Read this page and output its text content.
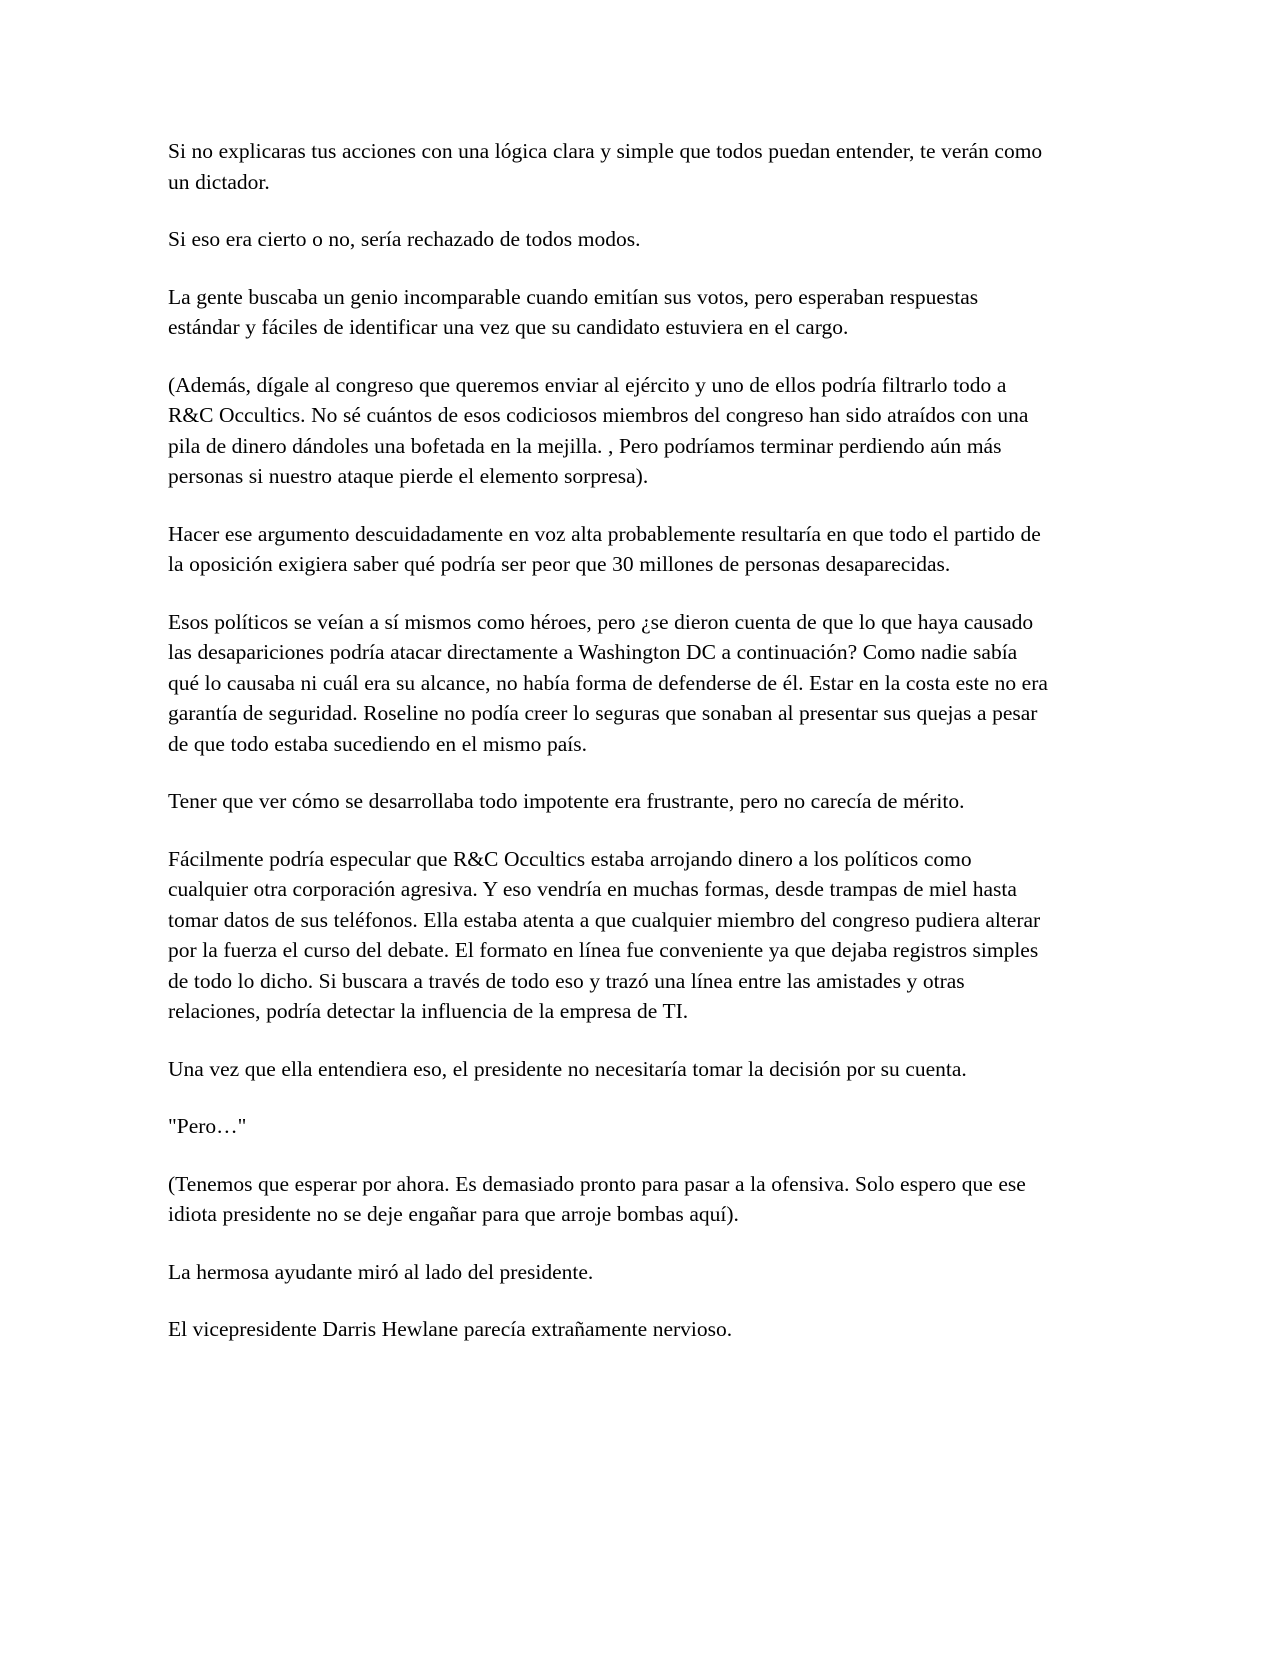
Si no explicaras tus acciones con una lógica clara y simple que todos puedan entender, te verán como un dictador.

Si eso era cierto o no, sería rechazado de todos modos.

La gente buscaba un genio incomparable cuando emitían sus votos, pero esperaban respuestas estándar y fáciles de identificar una vez que su candidato estuviera en el cargo.

(Además, dígale al congreso que queremos enviar al ejército y uno de ellos podría filtrarlo todo a R&C Occultics. No sé cuántos de esos codiciosos miembros del congreso han sido atraídos con una pila de dinero dándoles una bofetada en la mejilla. , Pero podríamos terminar perdiendo aún más personas si nuestro ataque pierde el elemento sorpresa).

Hacer ese argumento descuidadamente en voz alta probablemente resultaría en que todo el partido de la oposición exigiera saber qué podría ser peor que 30 millones de personas desaparecidas.

Esos políticos se veían a sí mismos como héroes, pero ¿se dieron cuenta de que lo que haya causado las desapariciones podría atacar directamente a Washington DC a continuación? Como nadie sabía qué lo causaba ni cuál era su alcance, no había forma de defenderse de él. Estar en la costa este no era garantía de seguridad. Roseline no podía creer lo seguras que sonaban al presentar sus quejas a pesar de que todo estaba sucediendo en el mismo país.

Tener que ver cómo se desarrollaba todo impotente era frustrante, pero no carecía de mérito.

Fácilmente podría especular que R&C Occultics estaba arrojando dinero a los políticos como cualquier otra corporación agresiva. Y eso vendría en muchas formas, desde trampas de miel hasta tomar datos de sus teléfonos. Ella estaba atenta a que cualquier miembro del congreso pudiera alterar por la fuerza el curso del debate. El formato en línea fue conveniente ya que dejaba registros simples de todo lo dicho. Si buscara a través de todo eso y trazó una línea entre las amistades y otras relaciones, podría detectar la influencia de la empresa de TI.

Una vez que ella entendiera eso, el presidente no necesitaría tomar la decisión por su cuenta.

"Pero…"

(Tenemos que esperar por ahora. Es demasiado pronto para pasar a la ofensiva. Solo espero que ese idiota presidente no se deje engañar para que arroje bombas aquí).

La hermosa ayudante miró al lado del presidente.

El vicepresidente Darris Hewlane parecía extrañamente nervioso.
